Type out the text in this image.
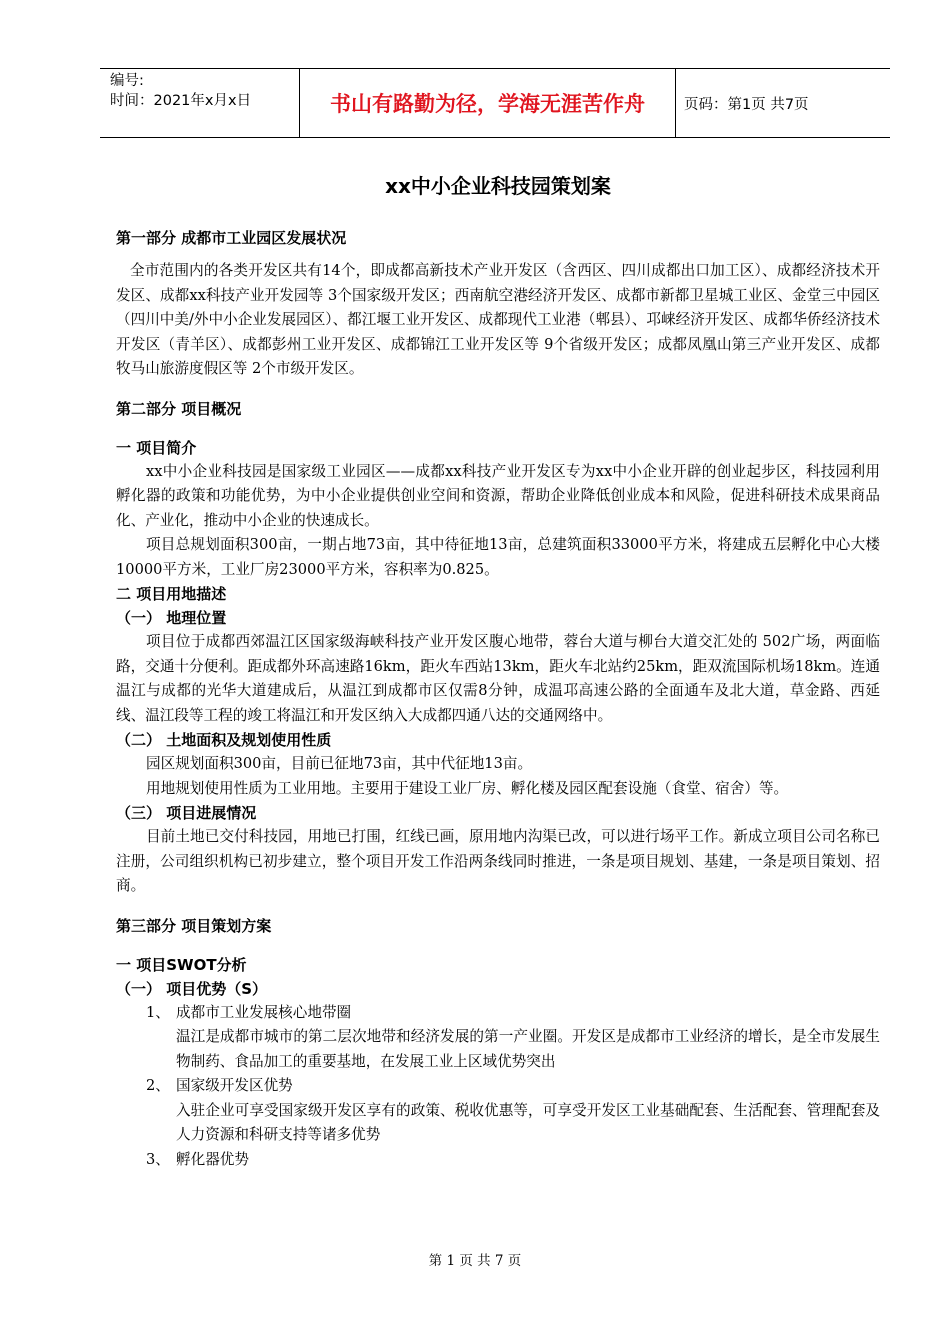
编号:
时间：2021年x月x日	书山有路勤为径，学海无涯苦作舟	页码：第1页 共7页
xx中小企业科技园策划案
第一部分 成都市工业园区发展状况

全市范围内的各类开发区共有14个，即成都高新技术产业开发区（含西区、四川成都出口加工区）、成都经济技术开发区、成都xx科技产业开发园等 3个国家级开发区；西南航空港经济开发区、成都市新都卫星城工业区、金堂三中园区（四川中美/外中小企业发展园区）、都江堰工业开发区、成都现代工业港（郫县）、邛崃经济开发区、成都华侨经济技术开发区（青羊区）、成都彭州工业开发区、成都锦江工业开发区等 9个省级开发区；成都凤凰山第三产业开发区、成都牧马山旅游度假区等 2个市级开发区。

第二部分 项目概况
一 项目简介

xx中小企业科技园是国家级工业园区——成都xx科技产业开发区专为xx中小企业开辟的创业起步区，科技园利用孵化器的政策和功能优势，为中小企业提供创业空间和资源，帮助企业降低创业成本和风险，促进科研技术成果商品化、产业化，推动中小企业的快速成长。

项目总规划面积300亩，一期占地73亩，其中待征地13亩，总建筑面积33000平方米，将建成五层孵化中心大楼10000平方米，工业厂房23000平方米，容积率为0.825。

二 项目用地描述
（一） 地理位置

项目位于成都西郊温江区国家级海峡科技产业开发区腹心地带，蓉台大道与柳台大道交汇处的 502广场，两面临路，交通十分便利。距成都外环高速路16km，距火车西站13km，距火车北站约25km，距双流国际机场18km。连通温江与成都的光华大道建成后，从温江到成都市区仅需8分钟，成温邛高速公路的全面通车及北大道，草金路、西延线、温江段等工程的竣工将温江和开发区纳入大成都四通八达的交通网络中。

（二） 土地面积及规划使用性质

园区规划面积300亩，目前已征地73亩，其中代征地13亩。

用地规划使用性质为工业用地。主要用于建设工业厂房、孵化楼及园区配套设施（食堂、宿舍）等。

（三） 项目进展情况

目前土地已交付科技园，用地已打围，红线已画，原用地内沟渠已改，可以进行场平工作。新成立项目公司名称已注册，公司组织机构已初步建立，整个项目开发工作沿两条线同时推进，一条是项目规划、基建，一条是项目策划、招商。

第三部分 项目策划方案
一 项目SWOT分析
（一） 项目优势（S）
1、 成都市工业发展核心地带圈
温江是成都市城市的第二层次地带和经济发展的第一产业圈。开发区是成都市工业经济的增长，是全市发展生物制药、食品加工的重要基地，在发展工业上区域优势突出
2、 国家级开发区优势
入驻企业可享受国家级开发区享有的政策、税收优惠等，可享受开发区工业基础配套、生活配套、管理配套及人力资源和科研支持等诸多优势
3、 孵化器优势
第 1 页 共 7 页
